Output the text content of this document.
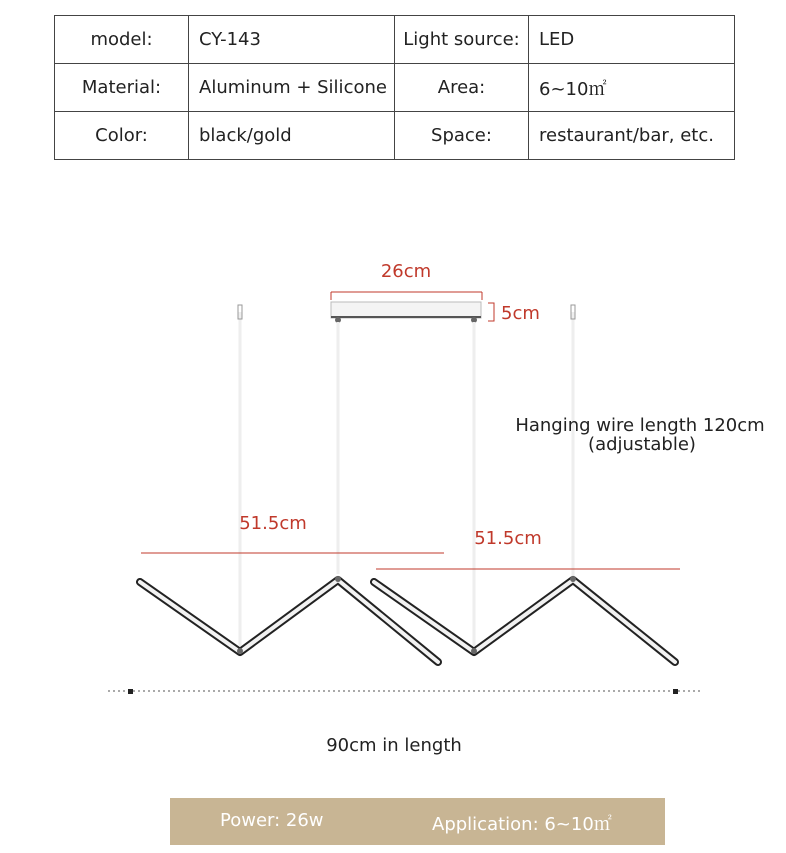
model:	CY-143	Light source:	LED
Material:	Aluminum + Silicone	Area:	6~10㎡
Color:	black/gold	Space:	restaurant/bar, etc.
26cm
5cm
Hanging wire length 120cm
(adjustable)
51.5cm
51.5cm
90cm in length
Power: 26w	Application: 6~10㎡
